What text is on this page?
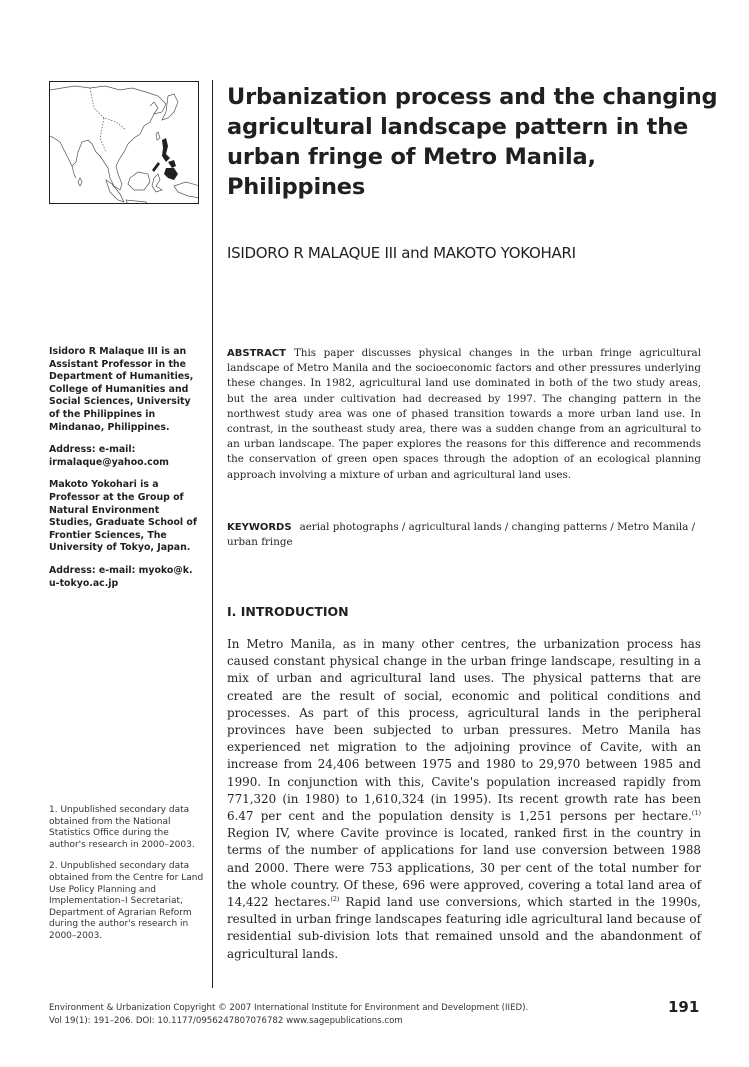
Urbanization process and the changing agricultural landscape pattern in the urban fringe of Metro Manila, Philippines

ISIDORO R MALAQUE III and MAKOTO YOKOHARI

Isidoro R Malaque III is an Assistant Professor in the Department of Humanities, College of Humanities and Social Sciences, University of the Philippines in Mindanao, Philippines.

Address: e-mail: irmalaque@yahoo.com

Makoto Yokohari is a Professor at the Group of Natural Environment Studies, Graduate School of Frontier Sciences, The University of Tokyo, Japan.

Address: e-mail: myoko@k. u-tokyo.ac.jp

1. Unpublished secondary data obtained from the National Statistics Office during the author's research in 2000–2003.

2. Unpublished secondary data obtained from the Centre for Land Use Policy Planning and Implementation–I Secretariat, Department of Agrarian Reform during the author's research in 2000–2003.

ABSTRACT This paper discusses physical changes in the urban fringe agricultural landscape of Metro Manila and the socioeconomic factors and other pressures underlying these changes. In 1982, agricultural land use dominated in both of the two study areas, but the area under cultivation had decreased by 1997. The changing pattern in the northwest study area was one of phased transition towards a more urban land use. In contrast, in the southeast study area, there was a sudden change from an agricultural to an urban landscape. The paper explores the reasons for this difference and recommends the conservation of green open spaces through the adoption of an ecological planning approach involving a mixture of urban and agricultural land uses.

KEYWORDS aerial photographs / agricultural lands / changing patterns / Metro Manila / urban fringe

I. INTRODUCTION

In Metro Manila, as in many other centres, the urbanization process has caused constant physical change in the urban fringe landscape, resulting in a mix of urban and agricultural land uses. The physical patterns that are created are the result of social, economic and political conditions and processes. As part of this process, agricultural lands in the peripheral provinces have been subjected to urban pressures. Metro Manila has experienced net migration to the adjoining province of Cavite, with an increase from 24,406 between 1975 and 1980 to 29,970 between 1985 and 1990. In conjunction with this, Cavite's population increased rapidly from 771,320 (in 1980) to 1,610,324 (in 1995). Its recent growth rate has been 6.47 per cent and the population density is 1,251 persons per hectare.$^{(1)}$ Region IV, where Cavite province is located, ranked first in the country in terms of the number of applications for land use conversion between 1988 and 2000. There were 753 applications, 30 per cent of the total number for the whole country. Of these, 696 were approved, covering a total land area of 14,422 hectares.$^{(2)}$ Rapid land use conversions, which started in the 1990s, resulted in urban fringe landscapes featuring idle agricultural land because of residential sub-division lots that remained unsold and the abandonment of agricultural lands.

Environment & Urbanization Copyright © 2007 International Institute for Environment and Development (IIED).
Vol 19(1): 191–206. DOI: 10.1177/0956247807076782 www.sagepublications.com

191
